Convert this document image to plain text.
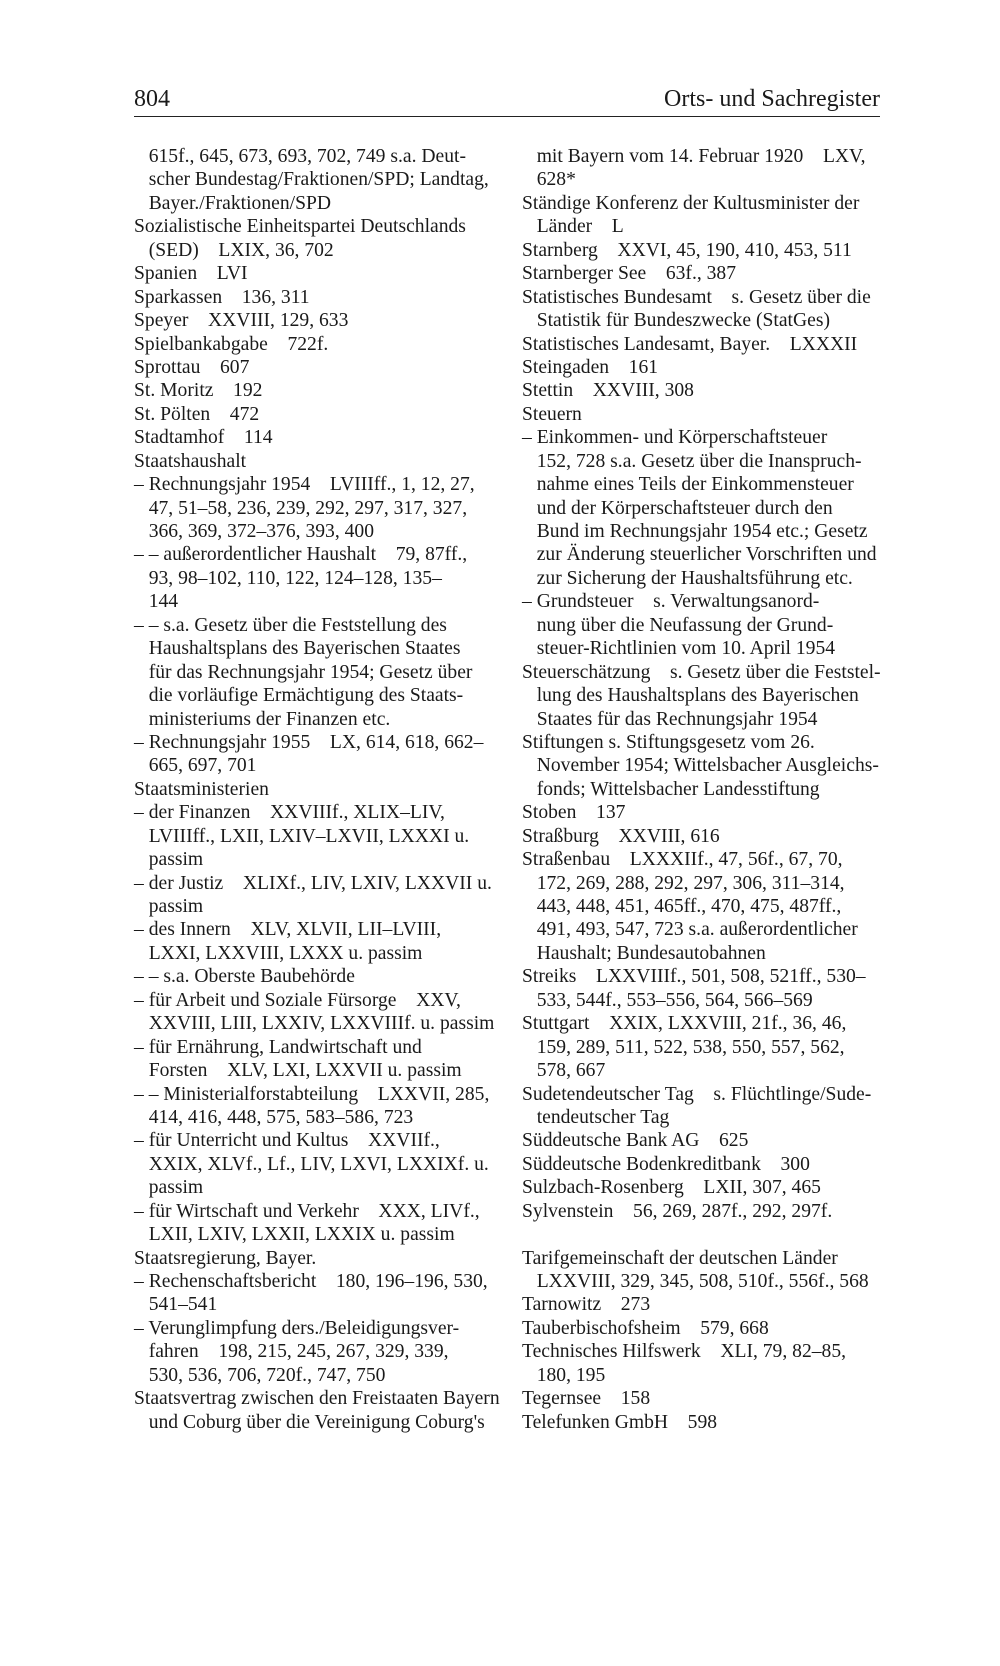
804	Orts- und Sachregister
615f., 645, 673, 693, 702, 749 s.a. Deut-
scher Bundestag/Fraktionen/SPD; Landtag,
Bayer./Fraktionen/SPD
Sozialistische Einheitspartei Deutschlands
(SED)    LXIX, 36, 702
Spanien    LVI
Sparkassen    136, 311
Speyer    XXVIII, 129, 633
Spielbankabgabe    722f.
Sprottau    607
St. Moritz    192
St. Pölten    472
Stadtamhof    114
Staatshaushalt
– Rechnungsjahr 1954    LVIIIff., 1, 12, 27,
47, 51–58, 236, 239, 292, 297, 317, 327,
366, 369, 372–376, 393, 400
– – außerordentlicher Haushalt    79, 87ff.,
93, 98–102, 110, 122, 124–128, 135–
144
– – s.a. Gesetz über die Feststellung des
Haushaltsplans des Bayerischen Staates
für das Rechnungsjahr 1954; Gesetz über
die vorläufige Ermächtigung des Staats-
ministeriums der Finanzen etc.
– Rechnungsjahr 1955    LX, 614, 618, 662–
665, 697, 701
Staatsministerien
– der Finanzen    XXVIIIf., XLIX–LIV,
LVIIIff., LXII, LXIV–LXVII, LXXXI u.
passim
– der Justiz    XLIXf., LIV, LXIV, LXXVII u.
passim
– des Innern    XLV, XLVII, LII–LVIII,
LXXI, LXXVIII, LXXX u. passim
– – s.a. Oberste Baubehörde
– für Arbeit und Soziale Fürsorge    XXV,
XXVIII, LIII, LXXIV, LXXVIIIf. u. passim
– für Ernährung, Landwirtschaft und
Forsten    XLV, LXI, LXXVII u. passim
– – Ministerialforstabteilung    LXXVII, 285,
414, 416, 448, 575, 583–586, 723
– für Unterricht und Kultus    XXVIIf.,
XXIX, XLVf., Lf., LIV, LXVI, LXXIXf. u.
passim
– für Wirtschaft und Verkehr    XXX, LIVf.,
LXII, LXIV, LXXII, LXXIX u. passim
Staatsregierung, Bayer.
– Rechenschaftsbericht    180, 196–196, 530,
541–541
– Verunglimpfung ders./Beleidigungsver-
fahren    198, 215, 245, 267, 329, 339,
530, 536, 706, 720f., 747, 750
Staatsvertrag zwischen den Freistaaten Bayern
und Coburg über die Vereinigung Coburg's
mit Bayern vom 14. Februar 1920    LXV,
628*
Ständige Konferenz der Kultusminister der
Länder    L
Starnberg    XXVI, 45, 190, 410, 453, 511
Starnberger See    63f., 387
Statistisches Bundesamt    s. Gesetz über die
Statistik für Bundeszwecke (StatGes)
Statistisches Landesamt, Bayer.    LXXXII
Steingaden    161
Stettin    XXVIII, 308
Steuern
– Einkommen- und Körperschaftsteuer
152, 728 s.a. Gesetz über die Inanspruch-
nahme eines Teils der Einkommensteuer
und der Körperschaftsteuer durch den
Bund im Rechnungsjahr 1954 etc.; Gesetz
zur Änderung steuerlicher Vorschriften und
zur Sicherung der Haushaltsführung etc.
– Grundsteuer    s. Verwaltungsanord-
nung über die Neufassung der Grund-
steuer-Richtlinien vom 10. April 1954
Steuerschätzung    s. Gesetz über die Feststel-
lung des Haushaltsplans des Bayerischen
Staates für das Rechnungsjahr 1954
Stiftungen s. Stiftungsgesetz vom 26.
November 1954; Wittelsbacher Ausgleichs-
fonds; Wittelsbacher Landesstiftung
Stoben    137
Straßburg    XXVIII, 616
Straßenbau    LXXXIIf., 47, 56f., 67, 70,
172, 269, 288, 292, 297, 306, 311–314,
443, 448, 451, 465ff., 470, 475, 487ff.,
491, 493, 547, 723 s.a. außerordentlicher
Haushalt; Bundesautobahnen
Streiks    LXXVIIIf., 501, 508, 521ff., 530–
533, 544f., 553–556, 564, 566–569
Stuttgart    XXIX, LXXVIII, 21f., 36, 46,
159, 289, 511, 522, 538, 550, 557, 562,
578, 667
Sudetendeutscher Tag    s. Flüchtlinge/Sude-
tendeutscher Tag
Süddeutsche Bank AG    625
Süddeutsche Bodenkreditbank    300
Sulzbach-Rosenberg    LXII, 307, 465
Sylvenstein    56, 269, 287f., 292, 297f.
Tarifgemeinschaft der deutschen Länder
LXXVIII, 329, 345, 508, 510f., 556f., 568
Tarnowitz    273
Tauberbischofsheim    579, 668
Technisches Hilfswerk    XLI, 79, 82–85,
180, 195
Tegernsee    158
Telefunken GmbH    598
